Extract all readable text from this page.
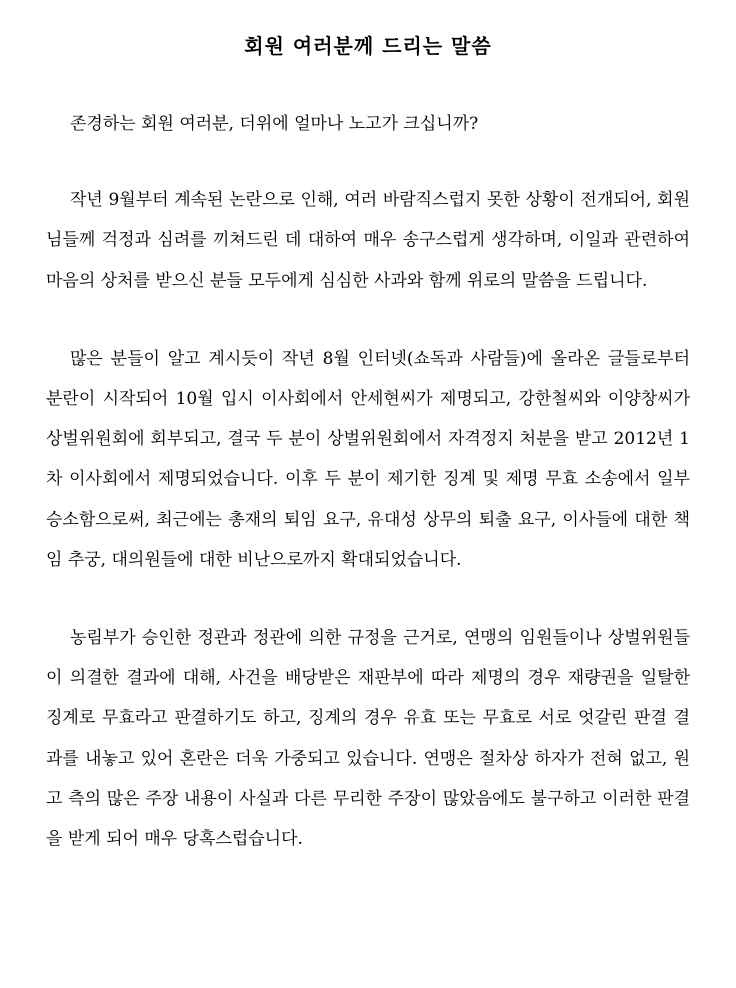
회원 여러분께 드리는 말씀

존경하는 회원 여러분, 더위에 얼마나 노고가 크십니까?

작년 9월부터 계속된 논란으로 인해, 여러 바람직스럽지 못한 상황이 전개되어, 회원님들께 걱정과 심려를 끼쳐드린 데 대하여 매우 송구스럽게 생각하며, 이일과 관련하여 마음의 상처를 받으신 분들 모두에게 심심한 사과와 함께 위로의 말씀을 드립니다.

많은 분들이 알고 계시듯이 작년 8월 인터넷(쇼독과 사람들)에 올라온 글들로부터 분란이 시작되어 10월 입시 이사회에서 안세현씨가 제명되고, 강한철씨와 이양창씨가 상벌위원회에 회부되고, 결국 두 분이 상벌위원회에서 자격정지 처분을 받고 2012년 1차 이사회에서 제명되었습니다. 이후 두 분이 제기한 징계 및 제명 무효 소송에서 일부 승소함으로써, 최근에는 총재의 퇴임 요구, 유대성 상무의 퇴출 요구, 이사들에 대한 책임 추궁, 대의원들에 대한 비난으로까지 확대되었습니다.

농림부가 승인한 정관과 정관에 의한 규정을 근거로, 연맹의 임원들이나 상벌위원들이 의결한 결과에 대해, 사건을 배당받은 재판부에 따라 제명의 경우 재량권을 일탈한 징계로 무효라고 판결하기도 하고, 징계의 경우 유효 또는 무효로 서로 엇갈린 판결 결과를 내놓고 있어 혼란은 더욱 가중되고 있습니다. 연맹은 절차상 하자가 전혀 없고, 원고 측의 많은 주장 내용이 사실과 다른 무리한 주장이 많았음에도 불구하고 이러한 판결을 받게 되어 매우 당혹스럽습니다.
